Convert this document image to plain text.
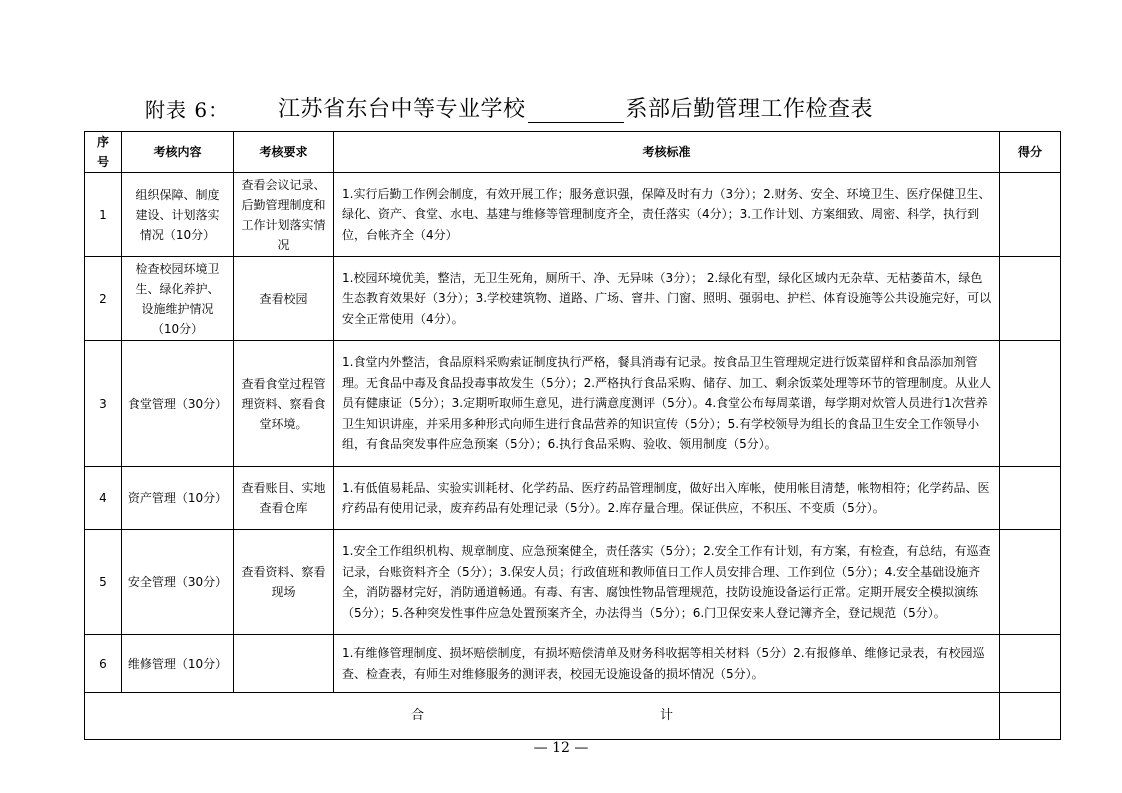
附表 6： 江苏省东台中等专业学校	系部后勤管理工作检查表
序号	考核内容	考核要求	考核标准	得分
1	组织保障、制度建设、计划落实情况（10分）	查看会议记录、后勤管理制度和工作计划落实情况	1.实行后勤工作例会制度，有效开展工作；服务意识强，保障及时有力（3分）；2.财务、安全、环境卫生、医疗保健卫生、绿化、资产、食堂、水电、基建与维修等管理制度齐全，责任落实（4分）；3.工作计划、方案细致、周密、科学，执行到位，台帐齐全（4分）	
2	检查校园环境卫生、绿化养护、设施维护情况（10分）	查看校园	1.校园环境优美，整洁，无卫生死角，厕所干、净、无异味（3分）； 2.绿化有型，绿化区域内无杂草、无枯萎苗木，绿色生态教育效果好（3分）；3.学校建筑物、道路、广场、窨井、门窗、照明、强弱电、护栏、体育设施等公共设施完好，可以安全正常使用（4分）。	
3	食堂管理（30分）	查看食堂过程管理资料、察看食堂环境。	1.食堂内外整洁，食品原料采购索证制度执行严格，餐具消毒有记录。按食品卫生管理规定进行饭菜留样和食品添加剂管理。无食品中毒及食品投毒事故发生（5分）；2.严格执行食品采购、储存、加工、剩余饭菜处理等环节的管理制度。从业人员有健康证（5分）；3.定期听取师生意见，进行满意度测评（5分）。4.食堂公布每周菜谱，每学期对炊管人员进行1次营养卫生知识讲座，并采用多种形式向师生进行食品营养的知识宣传（5分）；5.有学校领导为组长的食品卫生安全工作领导小组，有食品突发事件应急预案（5分）；6.执行食品采购、验收、领用制度（5分）。	
4	资产管理（10分）	查看账目、实地查看仓库	1.有低值易耗品、实验实训耗材、化学药品、医疗药品管理制度，做好出入库帐，使用帐目清楚，帐物相符；化学药品、医疗药品有使用记录，废弃药品有处理记录（5分）。2.库存量合理。保证供应，不积压、不变质（5分）。	
5	安全管理（30分）	查看资料、察看现场	1.安全工作组织机构、规章制度、应急预案健全，责任落实（5分）；2.安全工作有计划，有方案，有检查，有总结，有巡查记录，台账资料齐全（5分）；3.保安人员；行政值班和教师值日工作人员安排合理、工作到位（5分）；4.安全基础设施齐全，消防器材完好，消防通道畅通。有毒、有害、腐蚀性物品管理规范，技防设施设备运行正常。定期开展安全模拟演练（5分）；5.各种突发性事件应急处置预案齐全，办法得当（5分）；6.门卫保安来人登记簿齐全，登记规范（5分）。	
6	维修管理（10分）		1.有维修管理制度、损坏赔偿制度，有损坏赔偿清单及财务科收据等相关材料（5分）2.有报修单、维修记录表，有校园巡查、检查表，有师生对维修服务的测评表，校园无设施设备的损坏情况（5分）。	
合 计				
— 12 —
